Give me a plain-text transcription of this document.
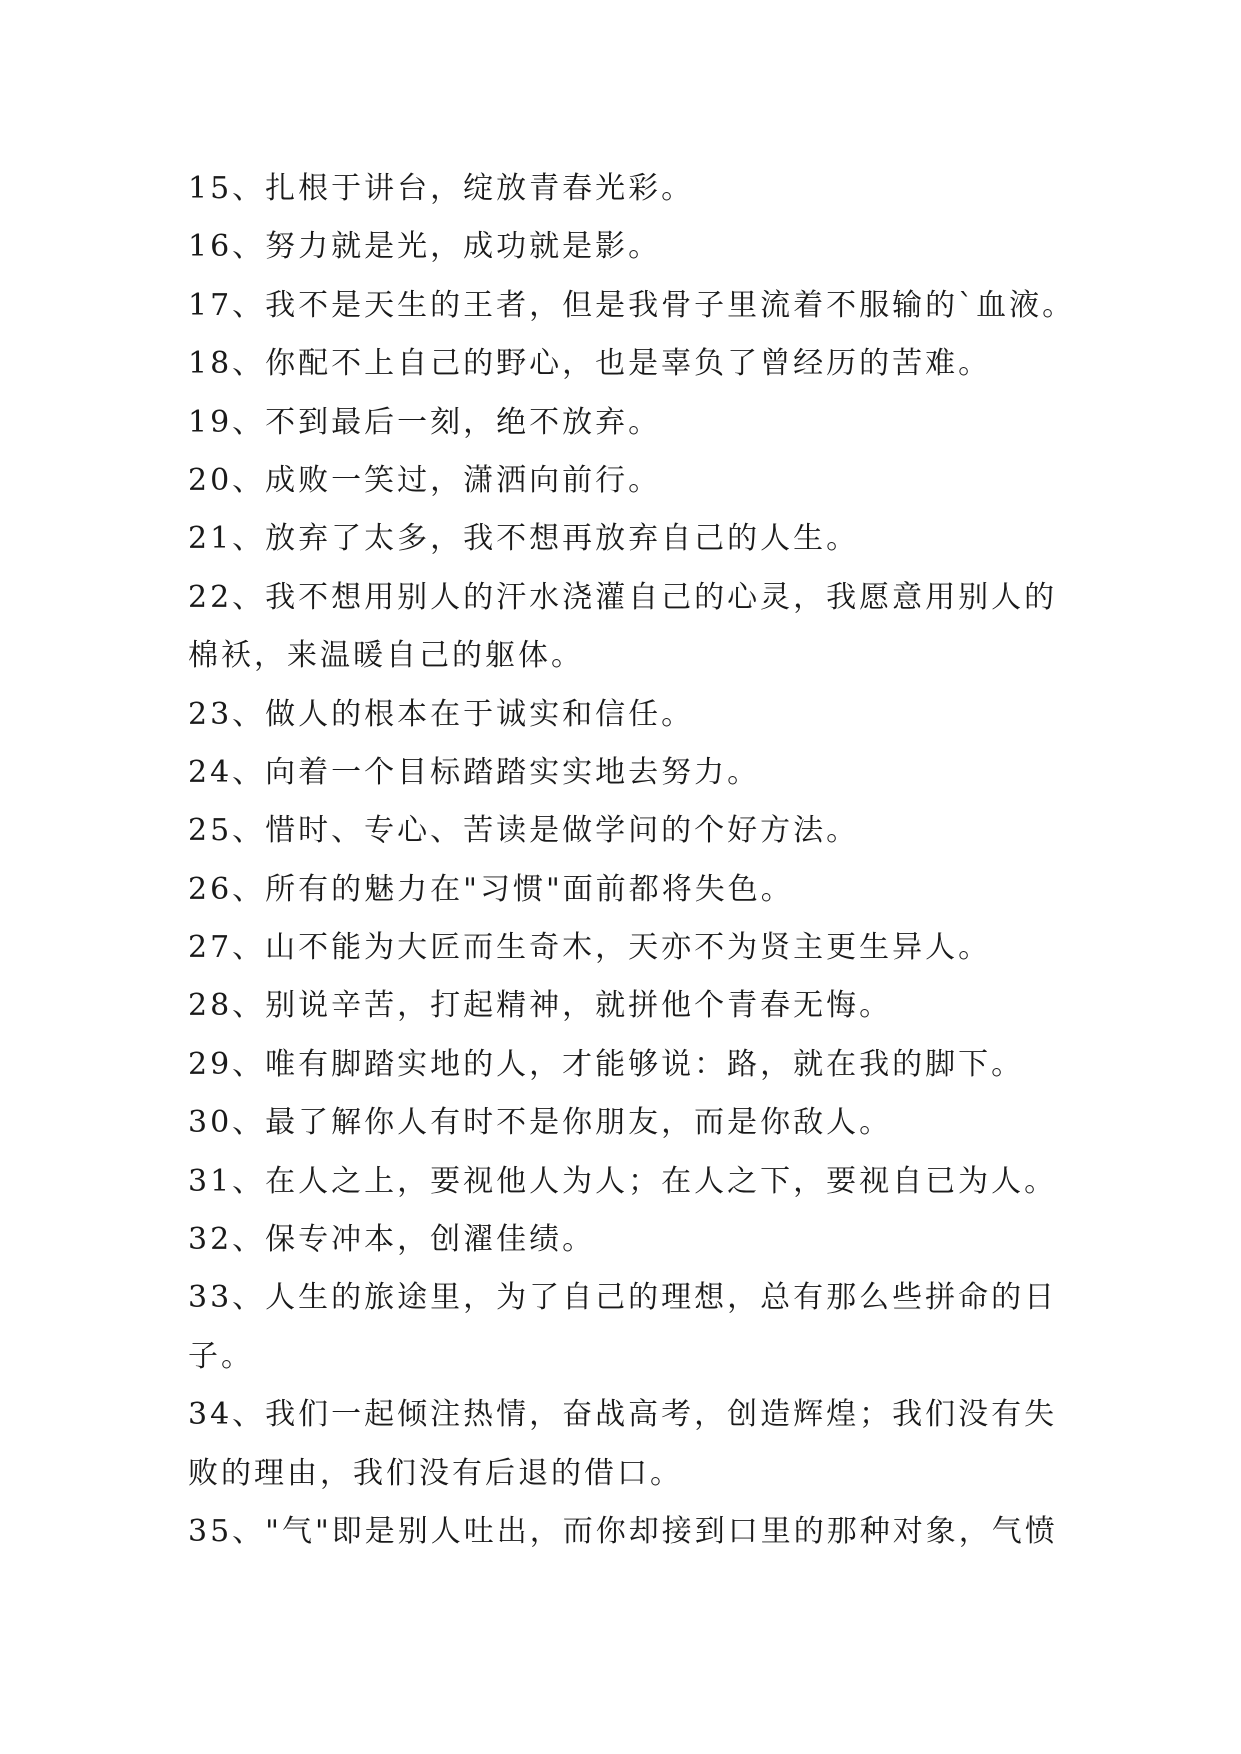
15、扎根于讲台，绽放青春光彩。
16、努力就是光，成功就是影。
17、我不是天生的王者，但是我骨子里流着不服输的`血液。
18、你配不上自己的野心，也是辜负了曾经历的苦难。
19、不到最后一刻，绝不放弃。
20、成败一笑过，潇洒向前行。
21、放弃了太多，我不想再放弃自己的人生。
22、我不想用别人的汗水浇灌自己的心灵，我愿意用别人的
棉袄，来温暖自己的躯体。
23、做人的根本在于诚实和信任。
24、向着一个目标踏踏实实地去努力。
25、惜时、专心、苦读是做学问的个好方法。
26、所有的魅力在"习惯"面前都将失色。
27、山不能为大匠而生奇木，天亦不为贤主更生异人。
28、别说辛苦，打起精神，就拼他个青春无悔。
29、唯有脚踏实地的人，才能够说：路，就在我的脚下。
30、最了解你人有时不是你朋友，而是你敌人。
31、在人之上，要视他人为人；在人之下，要视自已为人。
32、保专冲本，创濯佳绩。
33、人生的旅途里，为了自己的理想，总有那么些拼命的日
子。
34、我们一起倾注热情，奋战高考，创造辉煌；我们没有失
败的理由，我们没有后退的借口。
35、"气"即是别人吐出，而你却接到口里的那种对象，气愤
